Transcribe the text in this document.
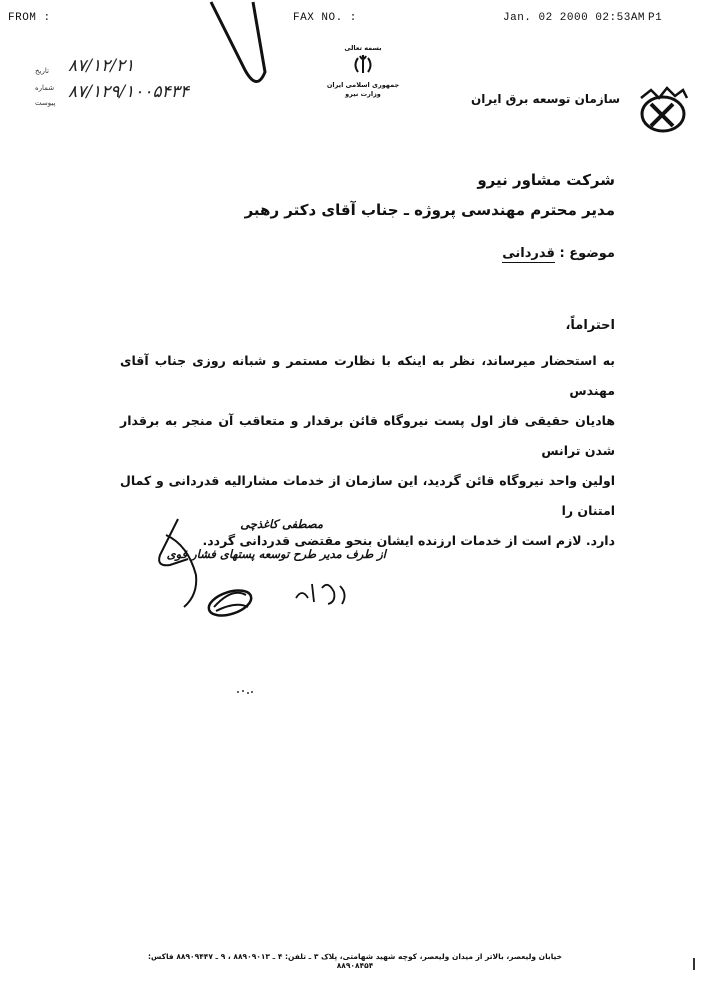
FROM :	FAX NO. :	Jan. 02 2000 02:53AM P1
تاریخ ۸۷/۱۲/۲۱
شماره ۸۷/۱۲۹/۱۰۰۵۴۳۴
پیوست
بسمه تعالی
جمهوری اسلامی ایران
وزارت نیرو	سازمان توسعه برق ایران
شرکت مشاور نیرو
مدیر محترم مهندسی پروژه ـ جناب آقای دکتر رهبر
موضوع : قدردانی
احتراماً،
به استحضار میرساند، نظر به اینکه با نظارت مستمر و شبانه روزی جناب آقای مهندس
هادیان حقیقی فاز اول پست نیروگاه قائن برقدار و متعاقب آن منجر به برقدار شدن ترانس
اولین واحد نیروگاه قائن گردید، این سازمان از خدمات مشارالیه قدردانی و کمال امتنان را
دارد. لازم است از خدمات ارزنده ایشان بنحو مقتضی قدردانی گردد.
مصطفی کاغذچی
از طرف مدیر طرح توسعه پستهای فشار قوی
خیابان ولیعصر، بالاتر از میدان ولیعصر، کوچه شهید شهامتی، پلاک ۳ ـ تلفن: ۴ ـ ۸۸۹۰۹۰۱۳ ، ۹ ـ ۸۸۹۰۹۴۴۷ فاکس: ۸۸۹۰۸۴۵۴
